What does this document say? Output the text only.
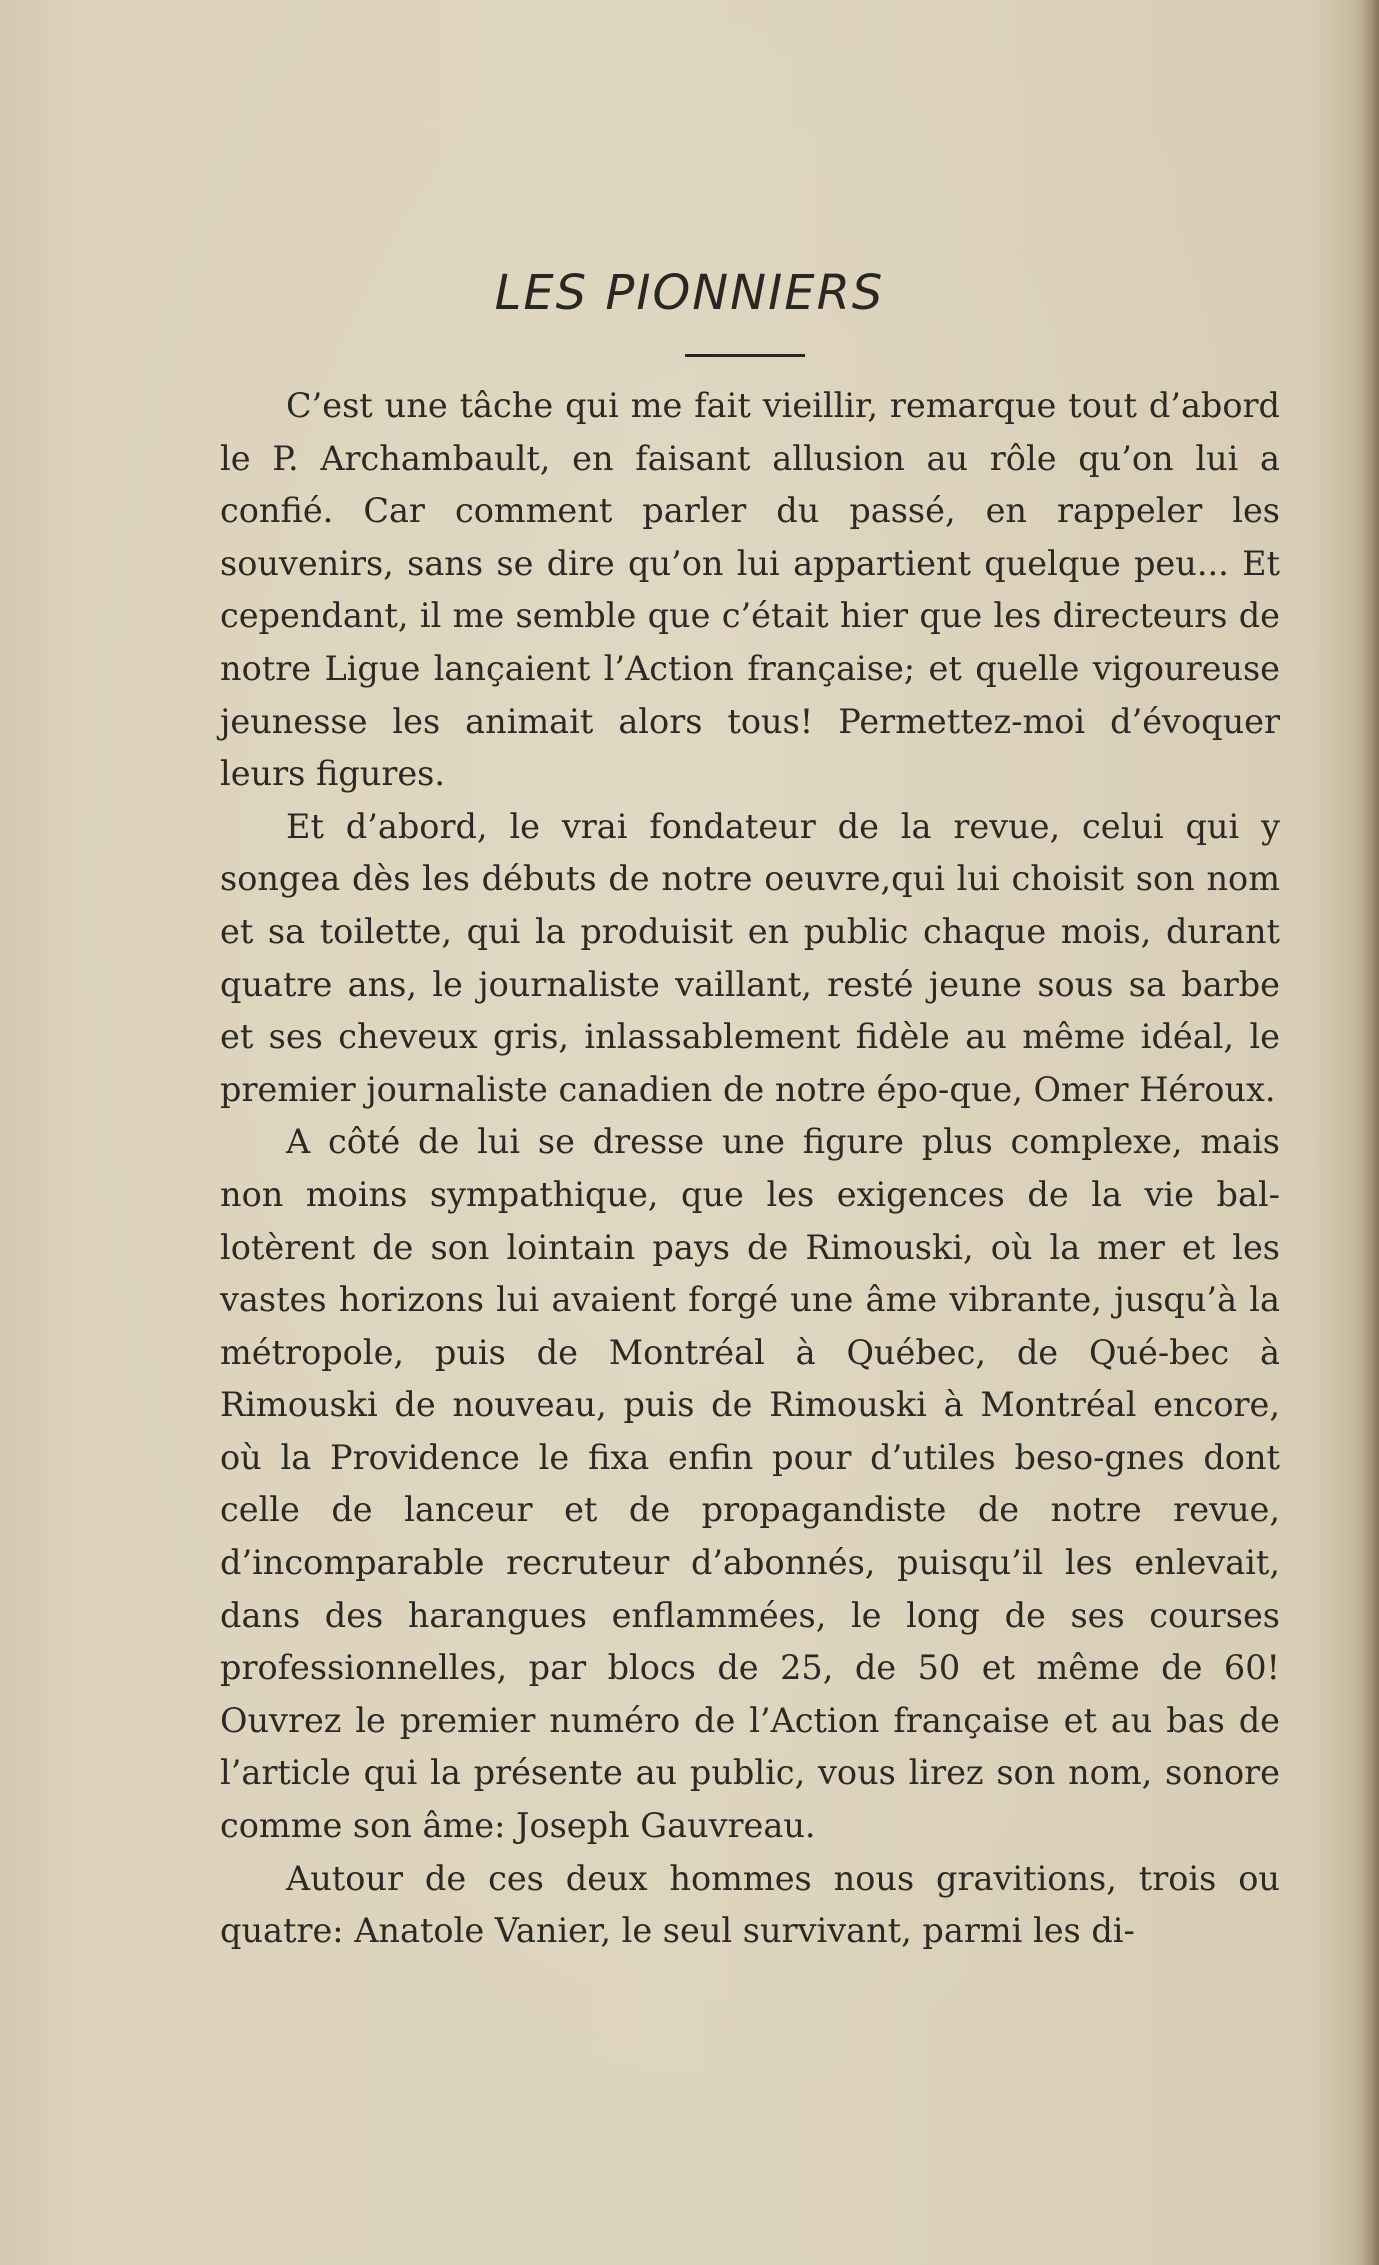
LES PIONNIERS

C’est une tâche qui me fait vieillir, remarque tout d’abord le P. Archambault, en faisant allusion au rôle qu’on lui a confié. Car comment parler du passé, en rappeler les souvenirs, sans se dire qu’on lui appartient quelque peu... Et cependant, il me semble que c’était hier que les directeurs de notre Ligue lançaient l’Action française; et quelle vigoureuse jeunesse les animait alors tous! Permettez-moi d’évoquer leurs figures.

Et d’abord, le vrai fondateur de la revue, celui qui y songea dès les débuts de notre oeuvre,qui lui choisit son nom et sa toilette, qui la produisit en public chaque mois, durant quatre ans, le journaliste vaillant, resté jeune sous sa barbe et ses cheveux gris, inlassablement fidèle au même idéal, le premier journaliste canadien de notre épo-que, Omer Héroux.

A côté de lui se dresse une figure plus complexe, mais non moins sympathique, que les exigences de la vie bal-lotèrent de son lointain pays de Rimouski, où la mer et les vastes horizons lui avaient forgé une âme vibrante, jusqu’à la métropole, puis de Montréal à Québec, de Qué-bec à Rimouski de nouveau, puis de Rimouski à Montréal encore, où la Providence le fixa enfin pour d’utiles beso-gnes dont celle de lanceur et de propagandiste de notre revue, d’incomparable recruteur d’abonnés, puisqu’il les enlevait, dans des harangues enflammées, le long de ses courses professionnelles, par blocs de 25, de 50 et même de 60! Ouvrez le premier numéro de l’Action française et au bas de l’article qui la présente au public, vous lirez son nom, sonore comme son âme: Joseph Gauvreau.

Autour de ces deux hommes nous gravitions, trois ou quatre: Anatole Vanier, le seul survivant, parmi les di-
